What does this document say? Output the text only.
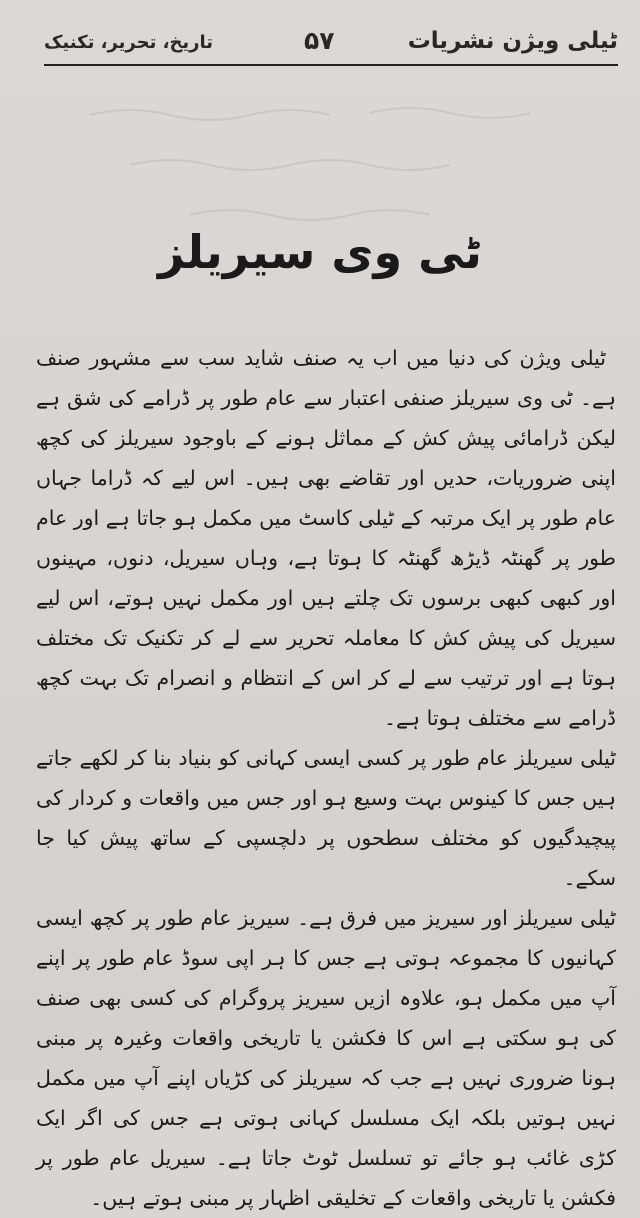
ٹیلی ویژن نشریات
۵۷
تاریخ، تحریر، تکنیک
ٹی وی سیریلز

ٹیلی ویژن کی دنیا میں اب یہ صنف شاید سب سے مشہور صنف ہے۔ ٹی وی سیریلز صنفی اعتبار سے عام طور پر ڈرامے کی شق ہے لیکن ڈرامائی پیش کش کے مماثل ہونے کے باوجود سیریلز کی کچھ اپنی ضروریات، حدیں اور تقاضے بھی ہیں۔ اس لیے کہ ڈراما جہاں عام طور پر ایک مرتبہ کے ٹیلی کاسٹ میں مکمل ہو جاتا ہے اور عام طور پر گھنٹہ ڈیڑھ گھنٹہ کا ہوتا ہے، وہاں سیریل، دنوں، مہینوں اور کبھی کبھی برسوں تک چلتے ہیں اور مکمل نہیں ہوتے، اس لیے سیریل کی پیش کش کا معاملہ تحریر سے لے کر تکنیک تک مختلف ہوتا ہے اور ترتیب سے لے کر اس کے انتظام و انصرام تک بہت کچھ ڈرامے سے مختلف ہوتا ہے۔

ٹیلی سیریلز عام طور پر کسی ایسی کہانی کو بنیاد بنا کر لکھے جاتے ہیں جس کا کینوس بہت وسیع ہو اور جس میں واقعات و کردار کی پیچیدگیوں کو مختلف سطحوں پر دلچسپی کے ساتھ پیش کیا جا سکے۔

ٹیلی سیریلز اور سیریز میں فرق ہے۔ سیریز عام طور پر کچھ ایسی کہانیوں کا مجموعہ ہوتی ہے جس کا ہر اپی سوڈ عام طور پر اپنے آپ میں مکمل ہو، علاوہ ازیں سیریز پروگرام کی کسی بھی صنف کی ہو سکتی ہے اس کا فکشن یا تاریخی واقعات وغیرہ پر مبنی ہونا ضروری نہیں ہے جب کہ سیریلز کی کڑیاں اپنے آپ میں مکمل نہیں ہوتیں بلکہ ایک مسلسل کہانی ہوتی ہے جس کی اگر ایک کڑی غائب ہو جائے تو تسلسل ٹوٹ جاتا ہے۔ سیریل عام طور پر فکشن یا تاریخی واقعات کے تخلیقی اظہار پر مبنی ہوتے ہیں۔
